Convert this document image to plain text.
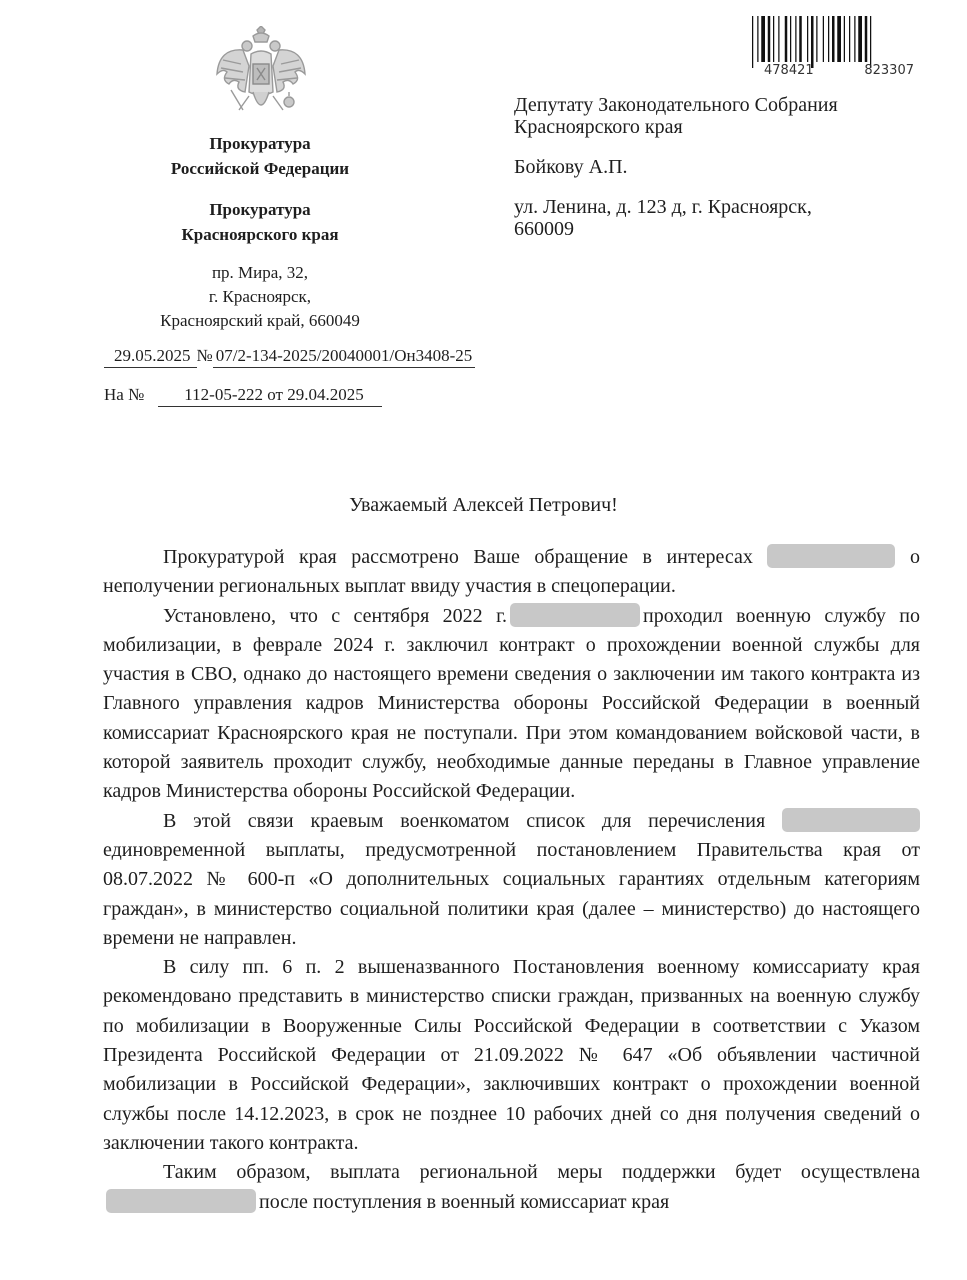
Прокуратура
Российской Федерации
Прокуратура
Красноярского края
пр. Мира, 32,
г. Красноярск,
Красноярский край, 660049
29.05.2025 № 07/2-134-2025/20040001/Он3408-25
На № 112-05-222 от 29.04.2025
478421	823307
Депутату Законодательного Собрания
Красноярского края
Бойкову А.П.
ул. Ленина, д. 123 д, г. Красноярск,
660009
Уважаемый Алексей Петрович!

Прокуратурой края рассмотрено Ваше обращение в интересах	о неполучении региональных выплат ввиду участия в спецоперации.

Установлено, что с сентября 2022 г.	проходил военную службу по мобилизации, в феврале 2024 г. заключил контракт о прохождении военной службы для участия в СВО, однако до настоящего времени сведения о заключении им такого контракта из Главного управления кадров Министерства обороны Российской Федерации в военный комиссариат Красноярского края не поступали. При этом командованием войсковой части, в которой заявитель проходит службу, необходимые данные переданы в Главное управление кадров Министерства обороны Российской Федерации.

В этой связи краевым военкоматом список для перечисления  единовременной выплаты, предусмотренной постановлением Правительства края от 08.07.2022 № 600-п «О дополнительных социальных гарантиях отдельным категориям граждан», в министерство социальной политики края (далее – министерство) до настоящего времени не направлен.

В силу пп. 6 п. 2 вышеназванного Постановления военному комиссариату края рекомендовано представить в министерство списки граждан, призванных на военную службу по мобилизации в Вооруженные Силы Российской Федерации в соответствии с Указом Президента Российской Федерации от 21.09.2022 № 647 «Об объявлении частичной мобилизации в Российской Федерации», заключивших контракт о прохождении военной службы после 14.12.2023, в срок не позднее 10 рабочих дней со дня получения сведений о заключении такого контракта.

Таким образом, выплата региональной меры поддержки будет осуществленапосле поступления в военный комиссариат края
